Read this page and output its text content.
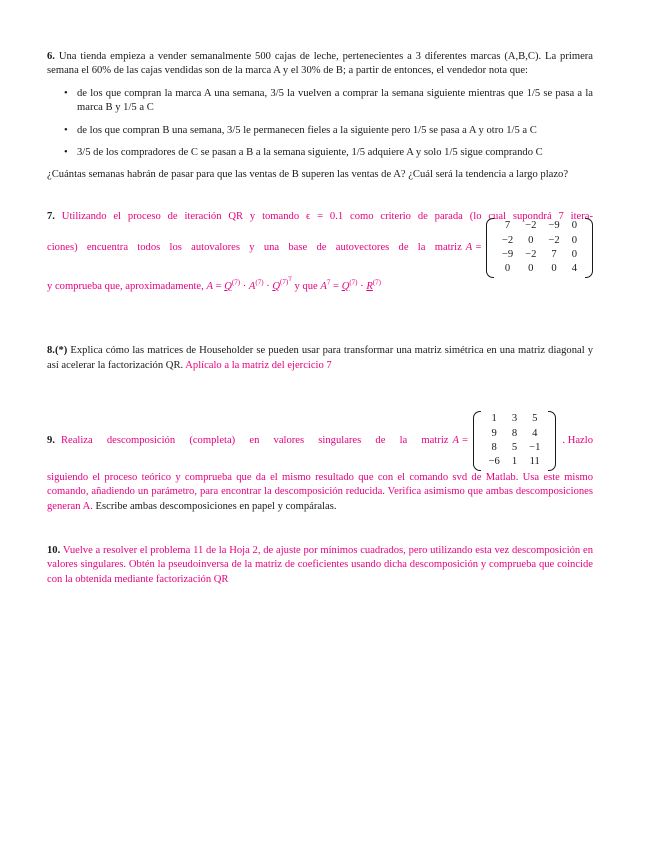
6. Una tienda empieza a vender semanalmente 500 cajas de leche, pertenecientes a 3 diferentes marcas (A,B,C). La primera semana el 60% de las cajas vendidas son de la marca A y el 30% de B; a partir de entonces, el vendedor nota que:

• de los que compran la marca A una semana, 3/5 la vuelven a comprar la semana siguiente mientras que 1/5 se pasa a la marca B y 1/5 a C
• de los que compran B una semana, 3/5 le permanecen fieles a la siguiente pero 1/5 se pasa a A y otro 1/5 a C
• 3/5 de los compradores de C se pasan a B a la semana siguiente, 1/5 adquiere A y solo 1/5 sigue comprando C

¿Cuántas semanas habrán de pasar para que las ventas de B superen las ventas de A? ¿Cuál será la tendencia a largo plazo?

7. Utilizando el proceso de iteración QR y tomando ϵ = 0.1 como criterio de parada (lo cual supondrá 7 itera-

ciones) encuentra todos los autovalores y una base de autovectores de la matriz A =
7	−2	−9	0
−2	0	−2	0
−9	−2	7	0
0	0	0	4

y comprueba que, aproximadamente, $A = Q^{(7)} \cdot A^{(7)} \cdot Q^{(7)^T}$ y que $A^7 = Q^{(7)} \cdot R^{(7)}$

8.(*) Explica cómo las matrices de Householder se pueden usar para transformar una matriz simétrica en una matriz diagonal y así acelerar la factorización QR. Aplícalo a la matriz del ejercicio 7

9. Realiza descomposición (completa) en valores singulares de la matriz A =
1	3	5
9	8	4
8	5	−1
−6	1	11
. Hazlo

siguiendo el proceso teórico y comprueba que da el mismo resultado que con el comando svd de Matlab. Usa este mismo comando, añadiendo un parámetro, para encontrar la descomposición reducida. Verifica asimismo que ambas descomposiciones generan A. Escribe ambas descomposiciones en papel y compáralas.

10. Vuelve a resolver el problema 11 de la Hoja 2, de ajuste por mínimos cuadrados, pero utilizando esta vez descomposición en valores singulares. Obtén la pseudoinversa de la matriz de coeficientes usando dicha descomposición y comprueba que coincide con la obtenida mediante factorización QR
